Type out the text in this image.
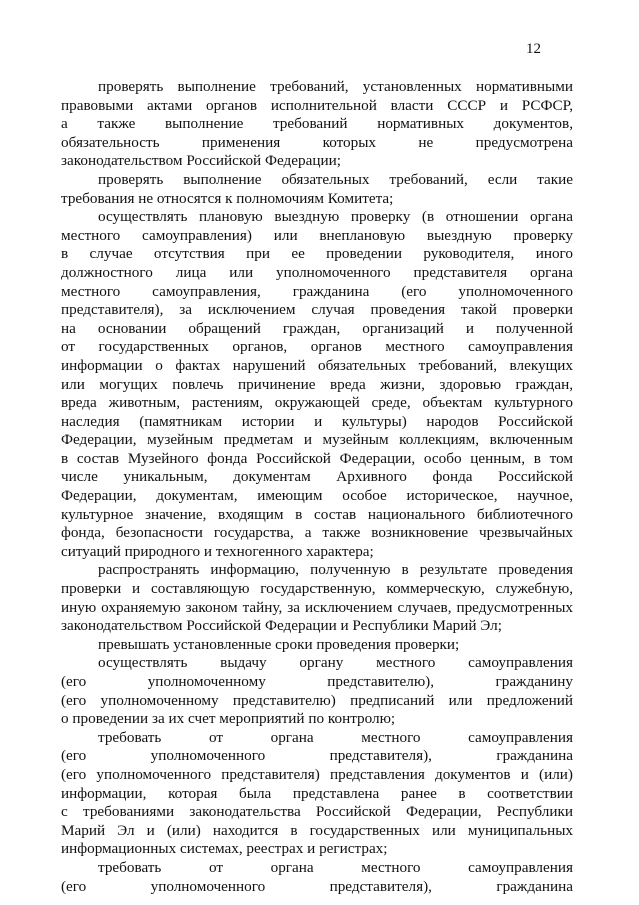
12
проверять выполнение требований, установленных нормативными
правовыми актами органов исполнительной власти СССР и РСФСР,
а также выполнение требований нормативных документов,
обязательность применения которых не предусмотрена
законодательством Российской Федерации;
проверять выполнение обязательных требований, если такие
требования не относятся к полномочиям Комитета;
осуществлять плановую выездную проверку (в отношении органа
местного самоуправления) или внеплановую выездную проверку
в случае отсутствия при ее проведении руководителя, иного
должностного лица или уполномоченного представителя органа
местного самоуправления, гражданина (его уполномоченного
представителя), за исключением случая проведения такой проверки
на основании обращений граждан, организаций и полученной
от государственных органов, органов местного самоуправления
информации о фактах нарушений обязательных требований, влекущих
или могущих повлечь причинение вреда жизни, здоровью граждан,
вреда животным, растениям, окружающей среде, объектам культурного
наследия (памятникам истории и культуры) народов Российской
Федерации, музейным предметам и музейным коллекциям, включенным
в состав Музейного фонда Российской Федерации, особо ценным, в том
числе уникальным, документам Архивного фонда Российской
Федерации, документам, имеющим особое историческое, научное,
культурное значение, входящим в состав национального библиотечного
фонда, безопасности государства, а также возникновение чрезвычайных
ситуаций природного и техногенного характера;
распространять информацию, полученную в результате проведения
проверки и составляющую государственную, коммерческую, служебную,
иную охраняемую законом тайну, за исключением случаев, предусмотренных
законодательством Российской Федерации и Республики Марий Эл;
превышать установленные сроки проведения проверки;
осуществлять выдачу органу местного самоуправления
(его уполномоченному представителю), гражданину
(его уполномоченному представителю) предписаний или предложений
о проведении за их счет мероприятий по контролю;
требовать от органа местного самоуправления
(его уполномоченного представителя), гражданина
(его уполномоченного представителя) представления документов и (или)
информации, которая была представлена ранее в соответствии
с требованиями законодательства Российской Федерации, Республики
Марий Эл и (или) находится в государственных или муниципальных
информационных системах, реестрах и регистрах;
требовать от органа местного самоуправления
(его уполномоченного представителя), гражданина
